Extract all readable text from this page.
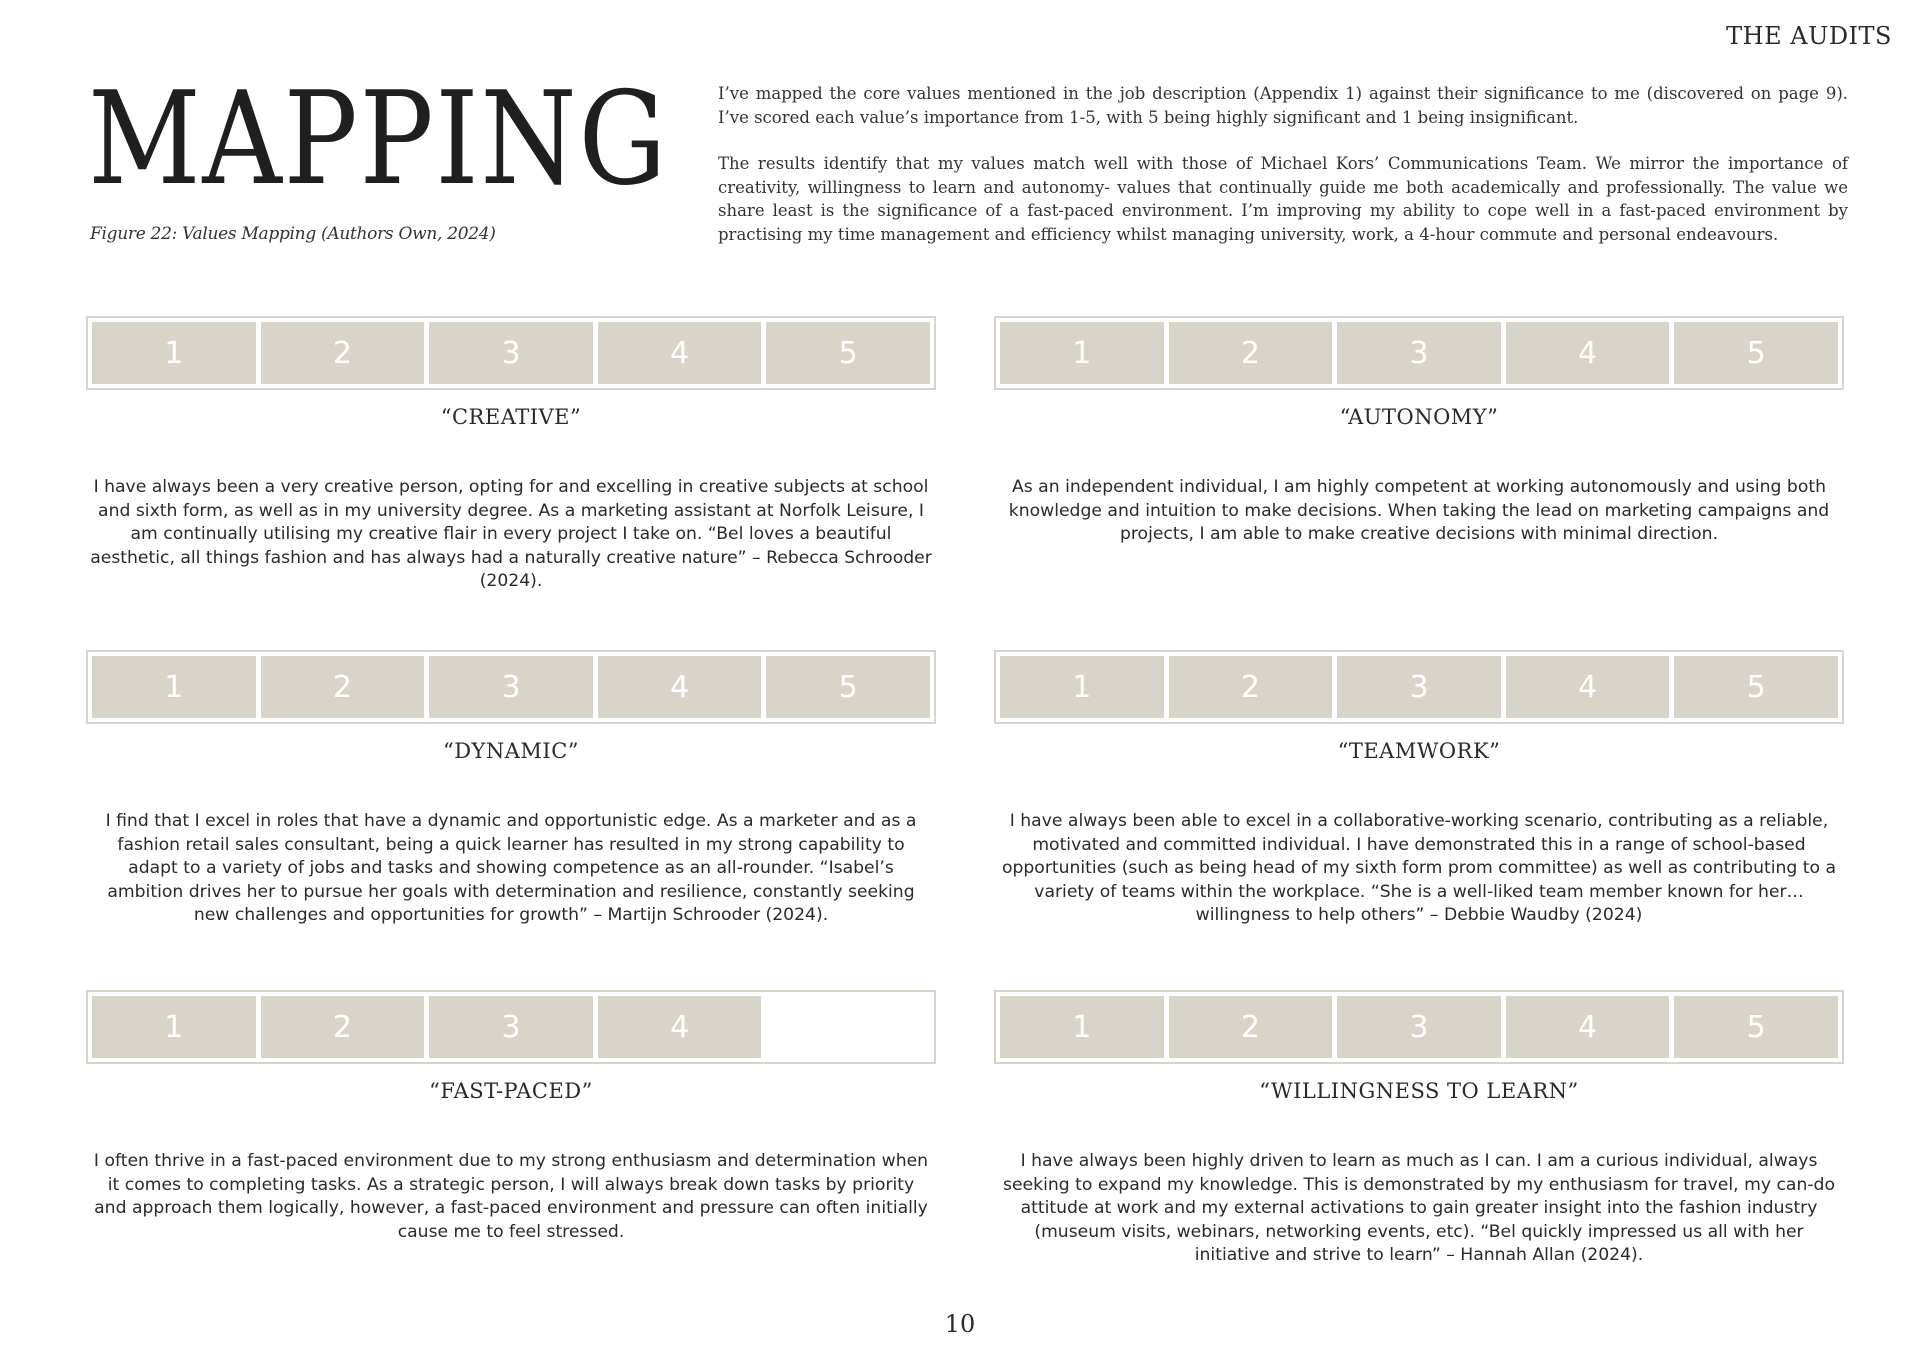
THE AUDITS
MAPPING
Figure 22: Values Mapping (Authors Own, 2024)

I’ve mapped the core values mentioned in the job description (Appendix 1) against their significance to me (discovered on page 9). I’ve scored each value’s importance from 1-5, with 5 being highly significant and 1 being insignificant.

The results identify that my values match well with those of Michael Kors’ Communications Team. We mirror the importance of creativity, willingness to learn and autonomy- values that continually guide me both academically and professionally. The value we share least is the significance of a fast-paced environment. I’m improving my ability to cope well in a fast-paced environment by practising my time management and efficiency whilst managing university, work, a 4-hour commute and personal endeavours.

1	2	3	4	5
“CREATIVE”
I have always been a very creative person, opting for and excelling in creative subjects at school and sixth form, as well as in my university degree. As a marketing assistant at Norfolk Leisure, I am continually utilising my creative flair in every project I take on. “Bel loves a beautiful aesthetic, all things fashion and has always had a naturally creative nature” – Rebecca Schrooder (2024).
1	2	3	4	5
“AUTONOMY”
As an independent individual, I am highly competent at working autonomously and using both knowledge and intuition to make decisions. When taking the lead on marketing campaigns and projects, I am able to make creative decisions with minimal direction.
1	2	3	4	5
“DYNAMIC”
I find that I excel in roles that have a dynamic and opportunistic edge. As a marketer and as a fashion retail sales consultant, being a quick learner has resulted in my strong capability to adapt to a variety of jobs and tasks and showing competence as an all-rounder. “Isabel’s ambition drives her to pursue her goals with determination and resilience, constantly seeking new challenges and opportunities for growth” – Martijn Schrooder (2024).
1	2	3	4	5
“TEAMWORK”
I have always been able to excel in a collaborative-working scenario, contributing as a reliable, motivated and committed individual. I have demonstrated this in a range of school-based opportunities (such as being head of my sixth form prom committee) as well as contributing to a variety of teams within the workplace. “She is a well-liked team member known for her… willingness to help others” – Debbie Waudby (2024)
1	2	3	4
“FAST-PACED”
I often thrive in a fast-paced environment due to my strong enthusiasm and determination when it comes to completing tasks. As a strategic person, I will always break down tasks by priority and approach them logically, however, a fast-paced environment and pressure can often initially cause me to feel stressed.
1	2	3	4	5
“WILLINGNESS TO LEARN”
I have always been highly driven to learn as much as I can. I am a curious individual, always seeking to expand my knowledge. This is demonstrated by my enthusiasm for travel, my can-do attitude at work and my external activations to gain greater insight into the fashion industry (museum visits, webinars, networking events, etc). “Bel quickly impressed us all with her initiative and strive to learn” – Hannah Allan (2024).
10
